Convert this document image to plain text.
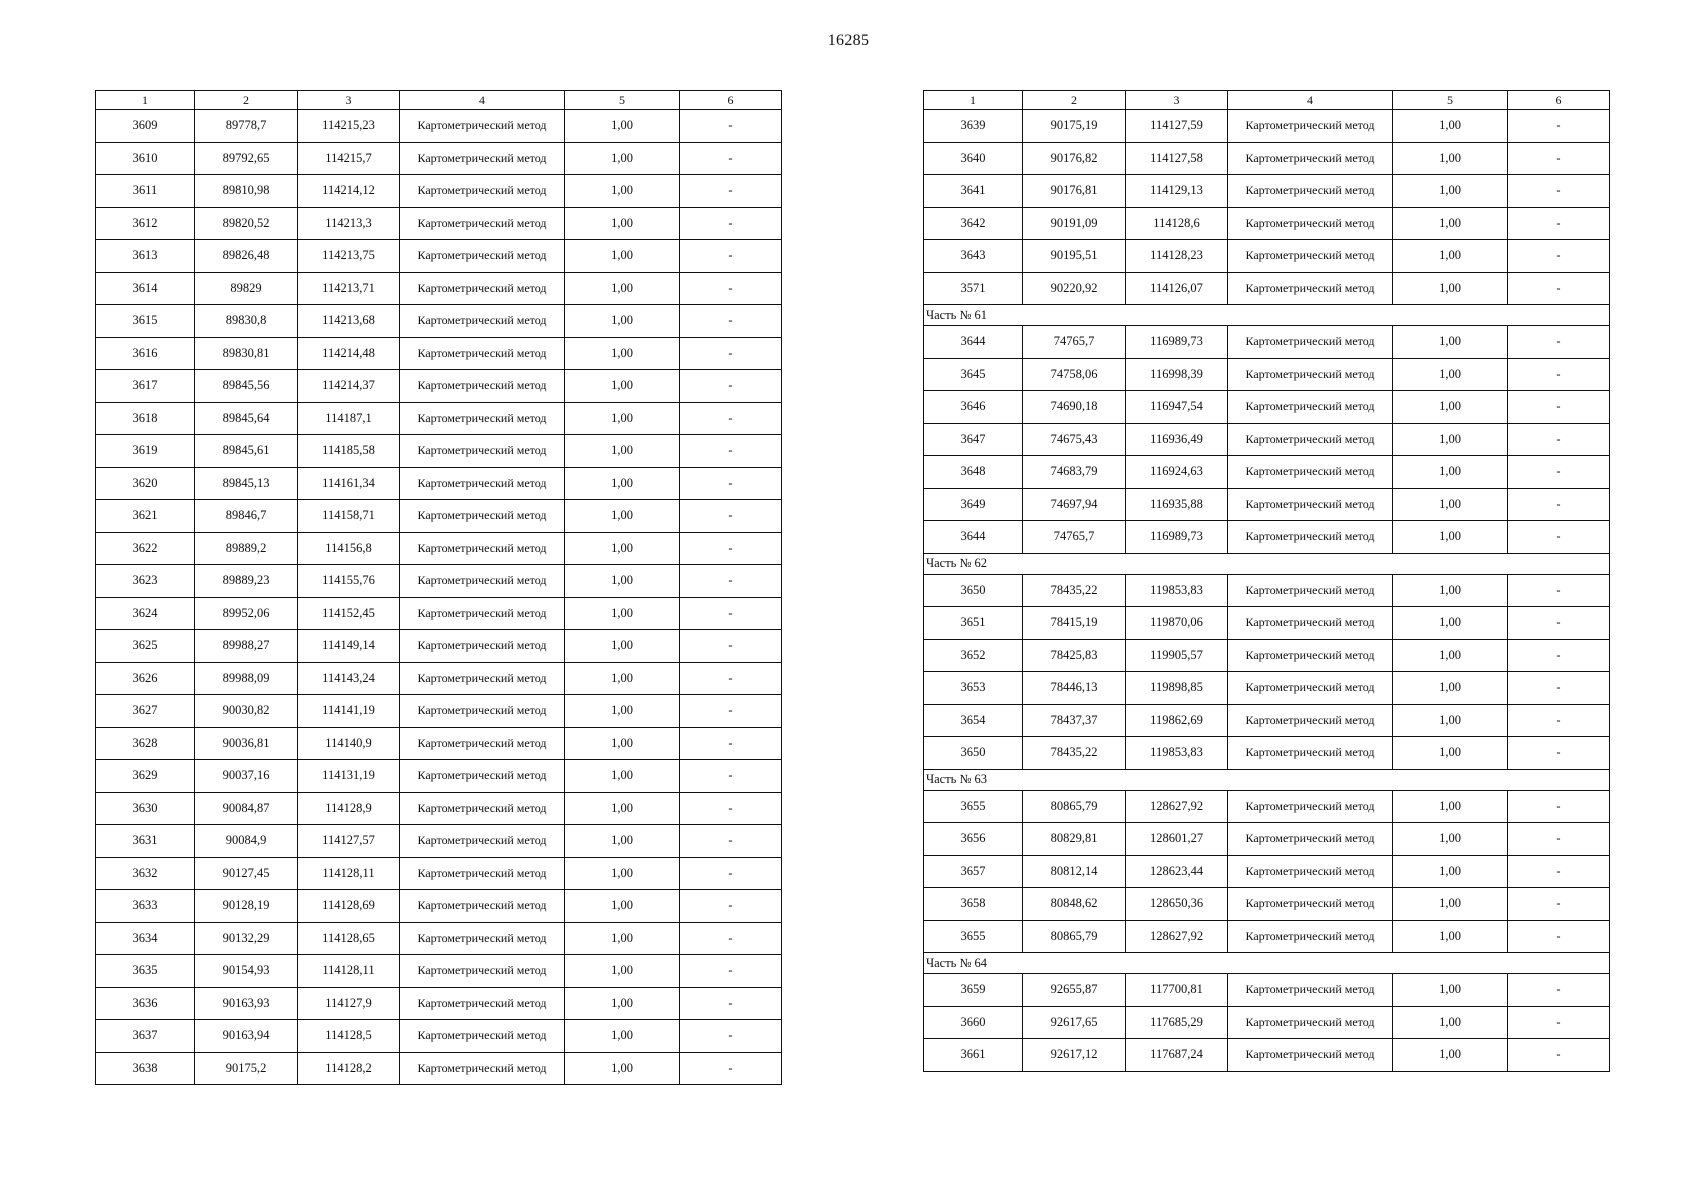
16285
1	2	3	4	5	6
3609	89778,7	114215,23	Картометрический метод	1,00	-
3610	89792,65	114215,7	Картометрический метод	1,00	-
3611	89810,98	114214,12	Картометрический метод	1,00	-
3612	89820,52	114213,3	Картометрический метод	1,00	-
3613	89826,48	114213,75	Картометрический метод	1,00	-
3614	89829	114213,71	Картометрический метод	1,00	-
3615	89830,8	114213,68	Картометрический метод	1,00	-
3616	89830,81	114214,48	Картометрический метод	1,00	-
3617	89845,56	114214,37	Картометрический метод	1,00	-
3618	89845,64	114187,1	Картометрический метод	1,00	-
3619	89845,61	114185,58	Картометрический метод	1,00	-
3620	89845,13	114161,34	Картометрический метод	1,00	-
3621	89846,7	114158,71	Картометрический метод	1,00	-
3622	89889,2	114156,8	Картометрический метод	1,00	-
3623	89889,23	114155,76	Картометрический метод	1,00	-
3624	89952,06	114152,45	Картометрический метод	1,00	-
3625	89988,27	114149,14	Картометрический метод	1,00	-
3626	89988,09	114143,24	Картометрический метод	1,00	-
3627	90030,82	114141,19	Картометрический метод	1,00	-
3628	90036,81	114140,9	Картометрический метод	1,00	-
3629	90037,16	114131,19	Картометрический метод	1,00	-
3630	90084,87	114128,9	Картометрический метод	1,00	-
3631	90084,9	114127,57	Картометрический метод	1,00	-
3632	90127,45	114128,11	Картометрический метод	1,00	-
3633	90128,19	114128,69	Картометрический метод	1,00	-
3634	90132,29	114128,65	Картометрический метод	1,00	-
3635	90154,93	114128,11	Картометрический метод	1,00	-
3636	90163,93	114127,9	Картометрический метод	1,00	-
3637	90163,94	114128,5	Картометрический метод	1,00	-
3638	90175,2	114128,2	Картометрический метод	1,00	-
1	2	3	4	5	6
3639	90175,19	114127,59	Картометрический метод	1,00	-
3640	90176,82	114127,58	Картометрический метод	1,00	-
3641	90176,81	114129,13	Картометрический метод	1,00	-
3642	90191,09	114128,6	Картометрический метод	1,00	-
3643	90195,51	114128,23	Картометрический метод	1,00	-
3571	90220,92	114126,07	Картометрический метод	1,00	-
Часть № 61					
3644	74765,7	116989,73	Картометрический метод	1,00	-
3645	74758,06	116998,39	Картометрический метод	1,00	-
3646	74690,18	116947,54	Картометрический метод	1,00	-
3647	74675,43	116936,49	Картометрический метод	1,00	-
3648	74683,79	116924,63	Картометрический метод	1,00	-
3649	74697,94	116935,88	Картометрический метод	1,00	-
3644	74765,7	116989,73	Картометрический метод	1,00	-
Часть № 62					
3650	78435,22	119853,83	Картометрический метод	1,00	-
3651	78415,19	119870,06	Картометрический метод	1,00	-
3652	78425,83	119905,57	Картометрический метод	1,00	-
3653	78446,13	119898,85	Картометрический метод	1,00	-
3654	78437,37	119862,69	Картометрический метод	1,00	-
3650	78435,22	119853,83	Картометрический метод	1,00	-
Часть № 63					
3655	80865,79	128627,92	Картометрический метод	1,00	-
3656	80829,81	128601,27	Картометрический метод	1,00	-
3657	80812,14	128623,44	Картометрический метод	1,00	-
3658	80848,62	128650,36	Картометрический метод	1,00	-
3655	80865,79	128627,92	Картометрический метод	1,00	-
Часть № 64					
3659	92655,87	117700,81	Картометрический метод	1,00	-
3660	92617,65	117685,29	Картометрический метод	1,00	-
3661	92617,12	117687,24	Картометрический метод	1,00	-
